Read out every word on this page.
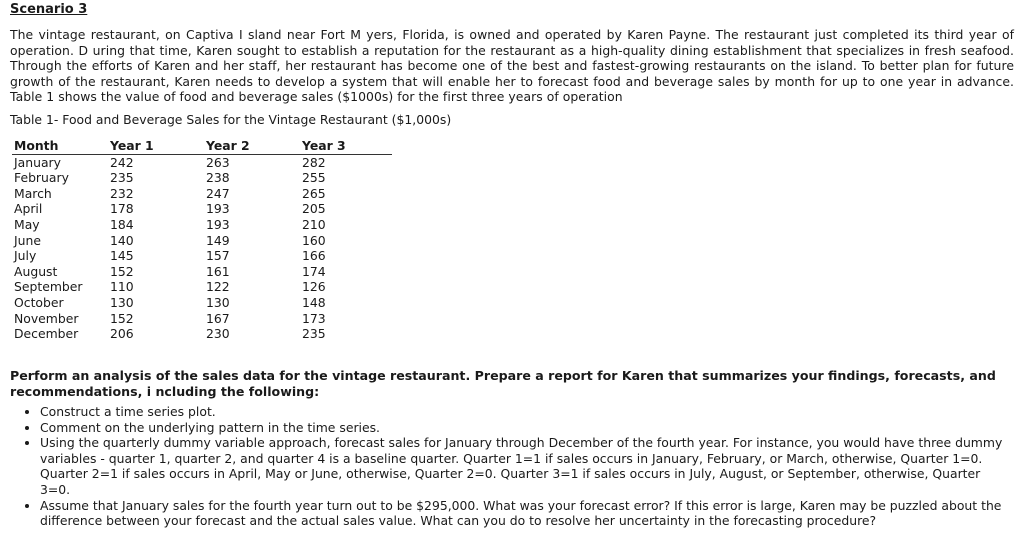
Scenario 3

The vintage restaurant, on Captiva I sland near Fort M yers, Florida, is owned and operated by Karen Payne. The restaurant just completed its third year of operation. D uring that time, Karen sought to establish a reputation for the restaurant as a high-quality dining establishment that specializes in fresh seafood. Through the efforts of Karen and her staff, her restaurant has become one of the best and fastest-growing restaurants on the island. To better plan for future growth of the restaurant, Karen needs to develop a system that will enable her to forecast food and beverage sales by month for up to one year in advance. Table 1 shows the value of food and beverage sales ($1000s) for the first three years of operation

Table 1- Food and Beverage Sales for the Vintage Restaurant ($1,000s)
Month	Year 1	Year 2	Year 3
January	242	263	282
February	235	238	255
March	232	247	265
April	178	193	205
May	184	193	210
June	140	149	160
July	145	157	166
August	152	161	174
September	110	122	126
October	130	130	148
November	152	167	173
December	206	230	235
Perform an analysis of the sales data for the vintage restaurant. Prepare a report for Karen that summarizes your findings, forecasts, and recommendations, i ncluding the following:
• Construct a time series plot.
• Comment on the underlying pattern in the time series.
• Using the quarterly dummy variable approach, forecast sales for January through December of the fourth year. For instance, you would have three dummy variables - quarter 1, quarter 2, and quarter 4 is a baseline quarter. Quarter 1=1 if sales occurs in January, February, or March, otherwise, Quarter 1=0. Quarter 2=1 if sales occurs in April, May or June, otherwise, Quarter 2=0. Quarter 3=1 if sales occurs in July, August, or September, otherwise, Quarter 3=0.
• Assume that January sales for the fourth year turn out to be $295,000. What was your forecast error? If this error is large, Karen may be puzzled about the difference between your forecast and the actual sales value. What can you do to resolve her uncertainty in the forecasting procedure?
